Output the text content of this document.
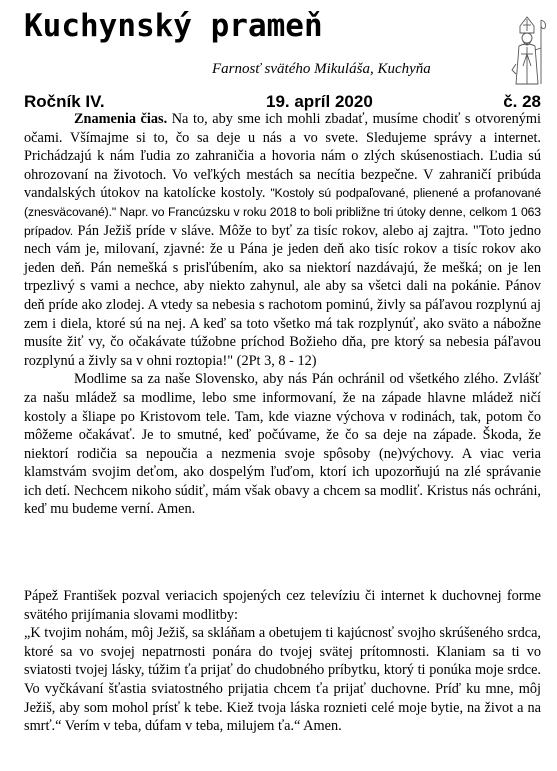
Kuchynský prameň
Farnosť svätého Mikuláša, Kuchyňa
Ročník IV.	19. apríl 2020	č. 28

Znamenia čias. Na to, aby sme ich mohli zbadať, musíme chodiť s otvorenými očami. Všímajme si to, čo sa deje u nás a vo svete. Sledujeme správy a internet. Prichádzajú k nám ľudia zo zahraničia a hovoria nám o zlých skúsenostiach. Ľudia sú ohrozovaní na životoch. Vo veľkých mestách sa necítia bezpečne. V zahraničí pribúda vandalských útokov na katolícke kostoly. "Kostoly sú podpaľované, plienené a profanované (znesväcované)." Napr. vo Francúzsku v roku 2018 to boli približne tri útoky denne, celkom 1 063 prípadov. Pán Ježiš príde v sláve. Môže to byť za tisíc rokov, alebo aj zajtra. "Toto jedno nech vám je, milovaní, zjavné: že u Pána je jeden deň ako tisíc rokov a tisíc rokov ako jeden deň. Pán nemešká s prisľúbením, ako sa niektorí nazdávajú, že mešká; on je len trpezlivý s vami a nechce, aby niekto zahynul, ale aby sa všetci dali na pokánie. Pánov deň príde ako zlodej. A vtedy sa nebesia s rachotom pominú, živly sa páľavou rozplynú aj zem i diela, ktoré sú na nej. A keď sa toto všetko má tak rozplynúť, ako sväto a nábožne musíte žiť vy, čo očakávate túžobne príchod Božieho dňa, pre ktorý sa nebesia páľavou rozplynú a živly sa v ohni roztopia!" (2Pt 3, 8 - 12)

Modlime sa za naše Slovensko, aby nás Pán ochránil od všetkého zlého. Zvlášť za našu mládež sa modlime, lebo sme informovaní, že na západe hlavne mládež ničí kostoly a šliape po Kristovom tele. Tam, kde viazne výchova v rodinách, tak, potom čo môžeme očakávať. Je to smutné, keď počúvame, že čo sa deje na západe. Škoda, že niektorí rodičia sa nepoučia a nezmenia svoje spôsoby (ne)výchovy. A viac veria klamstvám svojim deťom, ako dospelým ľuďom, ktorí ich upozorňujú na zlé správanie ich detí. Nechcem nikoho súdiť, mám však obavy a chcem sa modliť. Kristus nás ochráni, keď mu budeme verní. Amen.

Pápež František pozval veriacich spojených cez televíziu či internet k duchovnej forme svätého prijímania slovami modlitby:

„K tvojim nohám, môj Ježiš, sa skláňam a obetujem ti kajúcnosť svojho skrúšeného srdca, ktoré sa vo svojej nepatrnosti ponára do tvojej svätej prítomnosti. Klaniam sa ti vo sviatosti tvojej lásky, túžim ťa prijať do chudobného príbytku, ktorý ti ponúka moje srdce. Vo vyčkávaní šťastia sviatostného prijatia chcem ťa prijať duchovne. Príď ku mne, môj Ježiš, aby som mohol prísť k tebe. Kiež tvoja láska roznieti celé moje bytie, na život a na smrť.“ Verím v teba, dúfam v teba, milujem ťa.“ Amen.
